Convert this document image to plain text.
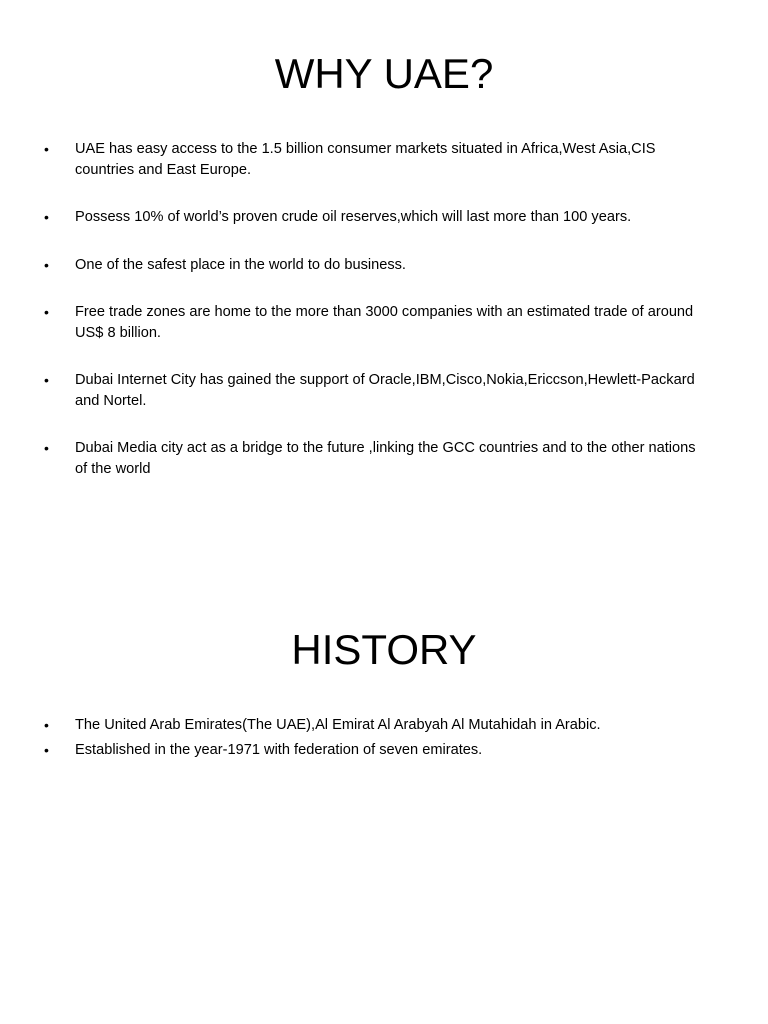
WHY UAE?
• UAE has easy access to the 1.5 billion consumer markets situated in Africa,West Asia,CIS countries and East Europe.
• Possess 10% of world’s proven crude oil reserves,which will last more than 100 years.
• One of the safest place in the world to do business.
• Free trade zones are home to the more than 3000 companies with an estimated trade of around US$ 8 billion.
• Dubai Internet City has gained the support of Oracle,IBM,Cisco,Nokia,Ericcson,Hewlett-Packard and Nortel.
• Dubai Media city act as a bridge to the future ,linking the GCC countries and to the other nations of the world
HISTORY
• The United Arab Emirates(The UAE),Al Emirat Al Arabyah Al Mutahidah in Arabic.
• Established in the year-1971 with federation of seven emirates.
